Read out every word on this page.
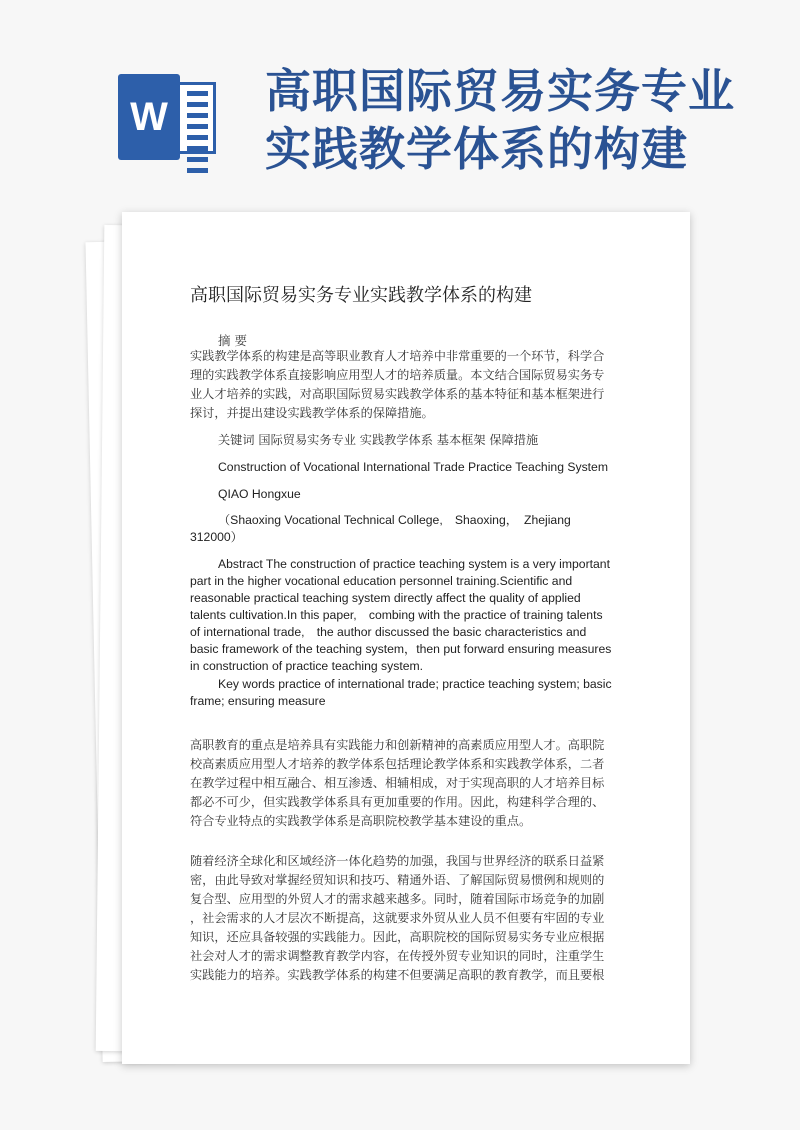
W 高职国际贸易实务专业
实践教学体系的构建
高职国际贸易实务专业实践教学体系的构建

摘 要

实践教学体系的构建是高等职业教育人才培养中非常重要的一个环节，科学合
理的实践教学体系直接影响应用型人才的培养质量。本文结合国际贸易实务专
业人才培养的实践，对高职国际贸易实践教学体系的基本特征和基本框架进行
探讨，并提出建设实践教学体系的保障措施。

关键词 国际贸易实务专业 实践教学体系 基本框架 保障措施

Construction of Vocational International Trade Practice Teaching System

QIAO Hongxue

（Shaoxing Vocational Technical College,　Shaoxing，　Zhejiang
312000）

Abstract The construction of practice teaching system is a very important
part in the higher vocational education personnel training.Scientific and
reasonable practical teaching system directly affect the quality of applied
talents cultivation.In this paper,　combing with the practice of training talents
of international trade,　the author discussed the basic characteristics and
basic framework of the teaching system，then put forward ensuring measures
in construction of practice teaching system.

Key words practice of international trade; practice teaching system; basic
frame; ensuring measure

高职教育的重点是培养具有实践能力和创新精神的高素质应用型人才。高职院
校高素质应用型人才培养的教学体系包括理论教学体系和实践教学体系，二者
在教学过程中相互融合、相互渗透、相辅相成，对于实现高职的人才培养目标
都必不可少，但实践教学体系具有更加重要的作用。因此，构建科学合理的、
符合专业特点的实践教学体系是高职院校教学基本建设的重点。

随着经济全球化和区域经济一体化趋势的加强，我国与世界经济的联系日益紧
密，由此导致对掌握经贸知识和技巧、精通外语、了解国际贸易惯例和规则的
复合型、应用型的外贸人才的需求越来越多。同时，随着国际市场竞争的加剧
，社会需求的人才层次不断提高，这就要求外贸从业人员不但要有牢固的专业
知识，还应具备较强的实践能力。因此，高职院校的国际贸易实务专业应根据
社会对人才的需求调整教育教学内容，在传授外贸专业知识的同时，注重学生
实践能力的培养。实践教学体系的构建不但要满足高职的教育教学，而且要根
